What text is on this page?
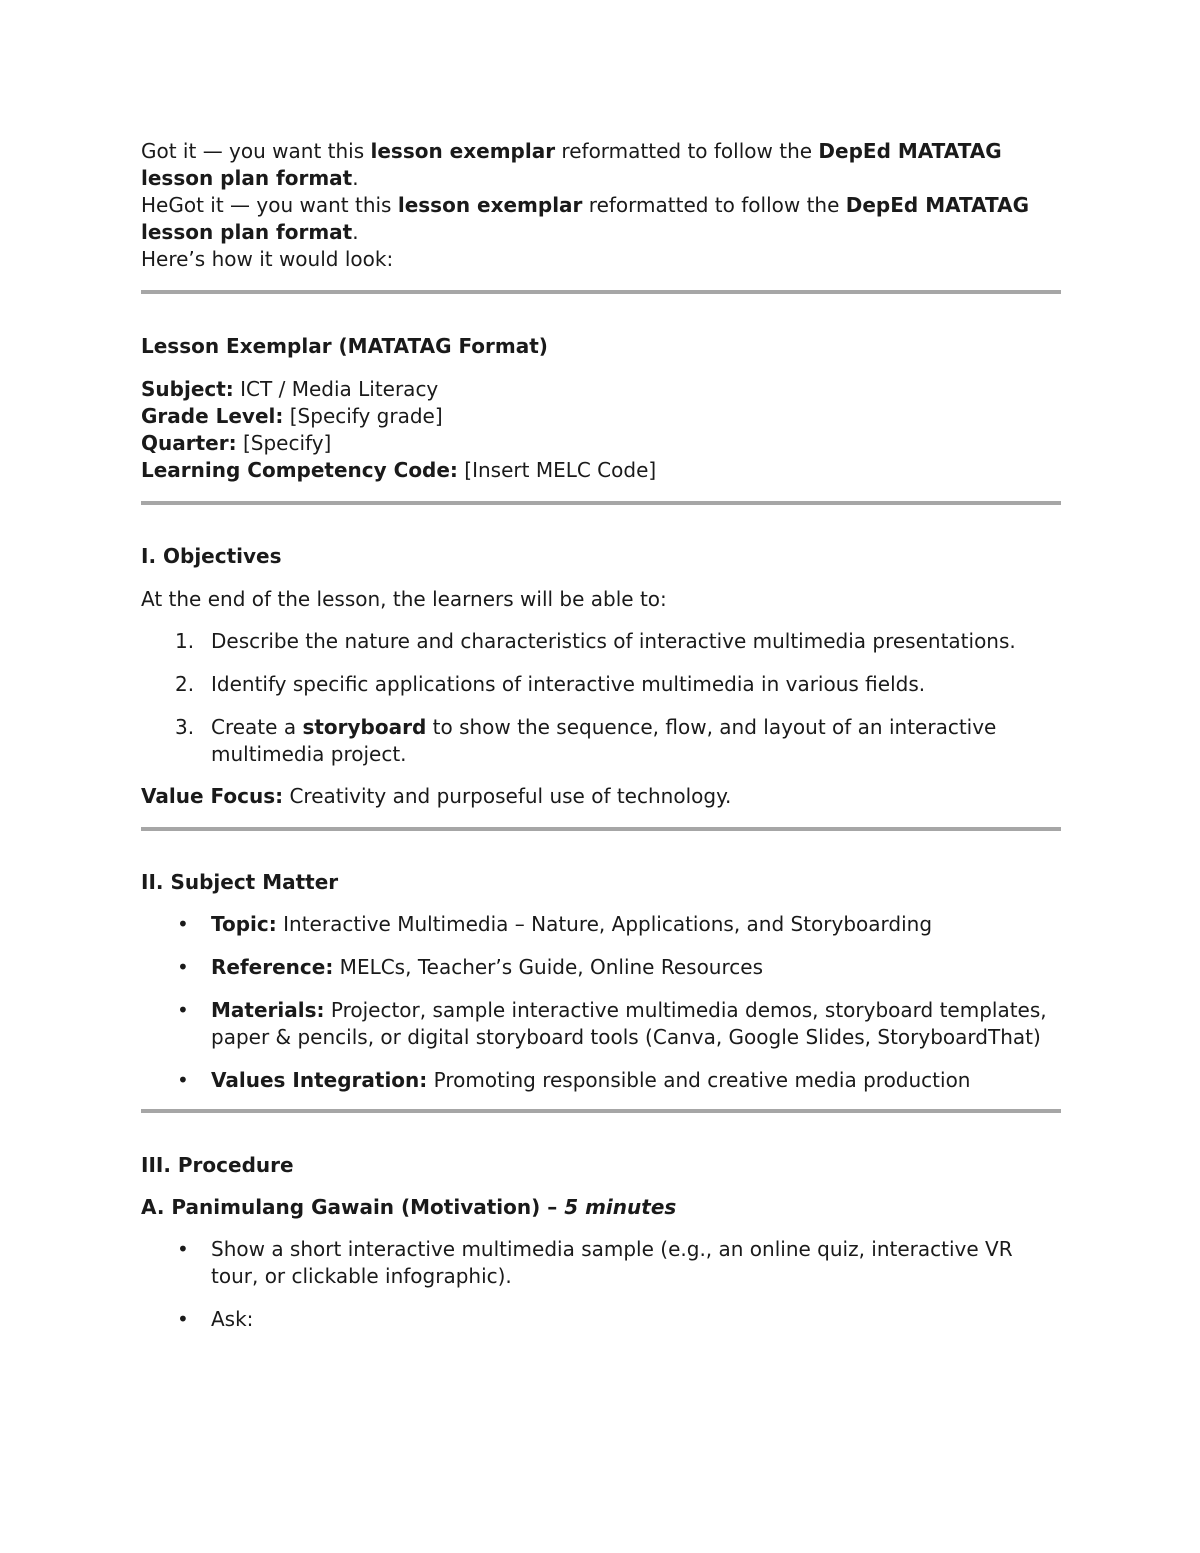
Got it — you want this lesson exemplar reformatted to follow the DepEd MATATAG lesson plan format.

HeGot it — you want this lesson exemplar reformatted to follow the DepEd MATATAG lesson plan format.

Here’s how it would look:

Lesson Exemplar (MATATAG Format)

Subject: ICT / Media Literacy

Grade Level: [Specify grade]

Quarter: [Specify]

Learning Competency Code: [Insert MELC Code]

I. Objectives

At the end of the lesson, the learners will be able to:

1. Describe the nature and characteristics of interactive multimedia presentations.
2. Identify specific applications of interactive multimedia in various fields.
3. Create a storyboard to show the sequence, flow, and layout of an interactive multimedia project.

Value Focus: Creativity and purposeful use of technology.

II. Subject Matter

• Topic: Interactive Multimedia – Nature, Applications, and Storyboarding
• Reference: MELCs, Teacher’s Guide, Online Resources
• Materials: Projector, sample interactive multimedia demos, storyboard templates, paper & pencils, or digital storyboard tools (Canva, Google Slides, StoryboardThat)
• Values Integration: Promoting responsible and creative media production

III. Procedure

A. Panimulang Gawain (Motivation) – 5 minutes

• Show a short interactive multimedia sample (e.g., an online quiz, interactive VR tour, or clickable infographic).
• Ask:
